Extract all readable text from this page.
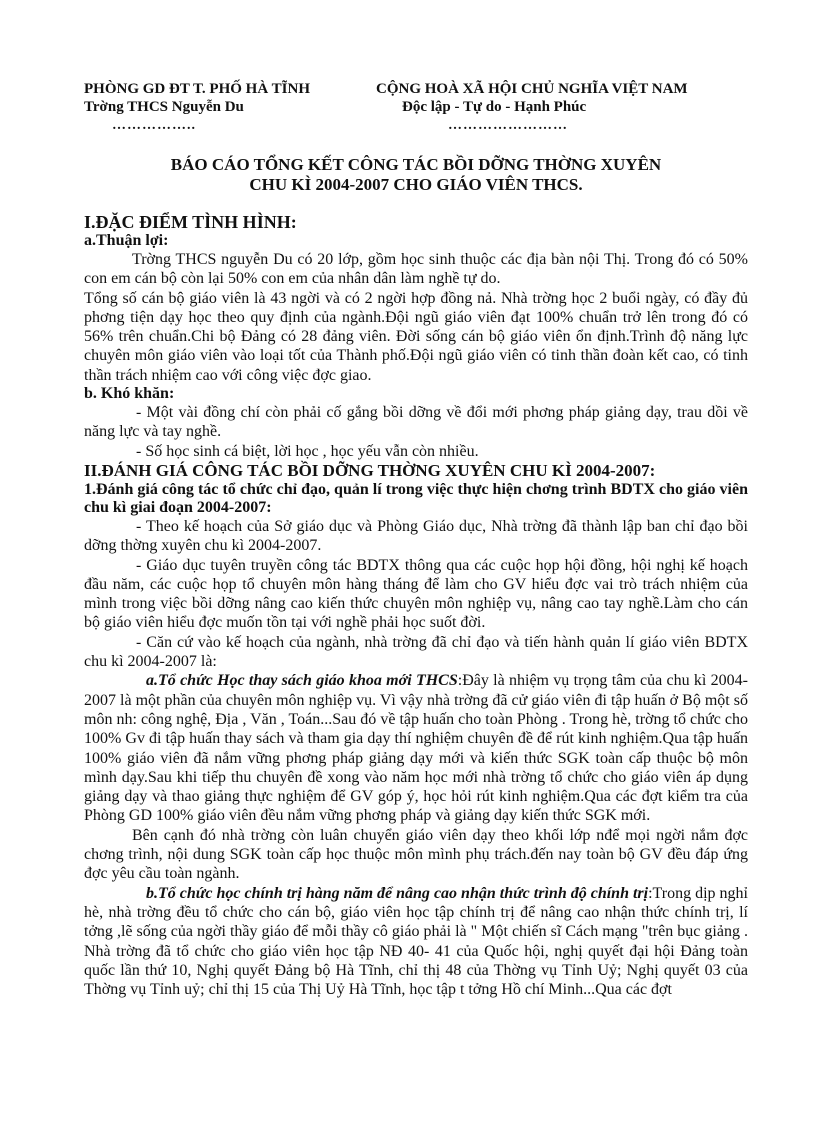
PHÒNG GD ĐT T. PHỐ HÀ TĨNH
Trờng THCS Nguyễn Du
……………..
CỘNG HOÀ XÃ HỘI CHỦ NGHĨA VIỆT NAM
Độc lập - Tự do - Hạnh Phúc
……………………
BÁO CÁO TỔNG KẾT CÔNG TÁC BỒI DỠNG THỜNG XUYÊN
CHU KÌ 2004-2007 CHO GIÁO VIÊN THCS.

I.ĐẶC ĐIỂM TÌNH HÌNH:

a.Thuận lợi:

Trờng THCS nguyễn Du có 20 lớp, gồm học sinh thuộc các địa bàn nội Thị. Trong đó có 50% con em cán bộ còn lại 50% con em của nhân dân làm nghề tự do.

Tổng số cán bộ giáo viên là 43 ngời và có 2 ngời hợp đồng nả. Nhà trờng học 2 buổi ngày, có đầy đủ phơng tiện dạy học theo quy định của ngành.Đội ngũ giáo viên đạt 100% chuẩn trở lên trong đó có 56% trên chuẩn.Chi bộ Đảng có 28 đảng viên. Đời sống cán bộ giáo viên ổn định.Trình độ năng lực chuyên môn giáo viên vào loại tốt của Thành phố.Đội ngũ giáo viên có tinh thần đoàn kết cao, có tinh thần trách nhiệm cao với công việc đợc giao.

b. Khó khăn:

- Một vài đồng chí còn phải cố gắng bồi dỡng về đổi mới phơng pháp giảng dạy, trau dồi về năng lực và tay nghề.

- Số học sinh cá biệt, lời học , học yếu vẫn còn nhiều.

II.ĐÁNH GIÁ CÔNG TÁC BỒI DỠNG THỜNG XUYÊN CHU KÌ 2004-2007:

1.Đánh giá công tác tổ chức chỉ đạo, quản lí trong việc thực hiện chơng trình BDTX cho giáo viên chu kì giai đoạn 2004-2007:

- Theo kế hoạch của Sở giáo dục và Phòng Giáo dục, Nhà trờng đã thành lập ban chỉ đạo bồi dỡng thờng xuyên chu kì 2004-2007.

- Giáo dục tuyên truyền công tác BDTX thông qua các cuộc họp hội đồng, hội nghị kế hoạch đầu năm, các cuộc họp tổ chuyên môn hàng tháng để làm cho GV hiểu đợc vai trò trách nhiệm của mình trong việc bồi dỡng nâng cao kiến thức chuyên môn nghiệp vụ, nâng cao tay nghề.Làm cho cán bộ giáo viên hiểu đợc muốn tồn tại với nghề phải học suốt đời.

- Căn cứ vào kế hoạch của ngành, nhà trờng đã chỉ đạo và tiến hành quản lí giáo viên BDTX chu kì 2004-2007 là:

a.Tổ chức Học thay sách giáo khoa mới THCS:Đây là nhiệm vụ trọng tâm của chu kì 2004-2007 là một phần của chuyên môn nghiệp vụ. Vì vậy nhà trờng đã cử giáo viên đi tập huấn ở Bộ một số môn nh: công nghệ, Địa , Văn , Toán...Sau đó về tập huấn cho toàn Phòng . Trong hè, trờng tổ chức cho 100% Gv đi tập huấn thay sách và tham gia dạy thí nghiệm chuyên đề để rút kinh nghiệm.Qua tập huấn 100% giáo viên đã nắm vững phơng pháp giảng dạy mới và kiến thức SGK toàn cấp thuộc bộ môn mình dạy.Sau khi tiếp thu chuyên đề xong vào năm học mới nhà trờng tổ chức cho giáo viên áp dụng giảng dạy và thao giảng thực nghiệm để GV góp ý, học hỏi rút kinh nghiệm.Qua các đợt kiểm tra của Phòng GD 100% giáo viên đều nắm vững phơng pháp và giảng dạy kiến thức SGK mới.

Bên cạnh đó nhà trờng còn luân chuyển giáo viên dạy theo khối lớp nđể mọi ngời nắm đợc chơng trình, nội dung SGK toàn cấp học thuộc môn mình phụ trách.đến nay toàn bộ GV đều đáp ứng đợc yêu cầu toàn ngành.

b.Tổ chức học chính trị hàng năm để nâng cao nhận thức trình độ chính trị:Trong dịp nghỉ hè, nhà trờng đều tổ chức cho cán bộ, giáo viên học tập chính trị để nâng cao nhận thức chính trị, lí tởng ,lẽ sống của ngời thầy giáo để mỗi thầy cô giáo phải là " Một chiến sĩ Cách mạng "trên bục giảng . Nhà trờng đã tổ chức cho giáo viên học tập NĐ 40- 41 của Quốc hội, nghị quyết đại hội Đảng toàn quốc lần thứ 10, Nghị quyết Đảng bộ Hà Tĩnh, chỉ thị 48 của Thờng vụ Tỉnh Uỷ; Nghị quyết 03 của Thờng vụ Tỉnh uỷ; chỉ thị 15 của Thị Uỷ Hà Tĩnh, học tập t tởng Hồ chí Minh...Qua các đợt
